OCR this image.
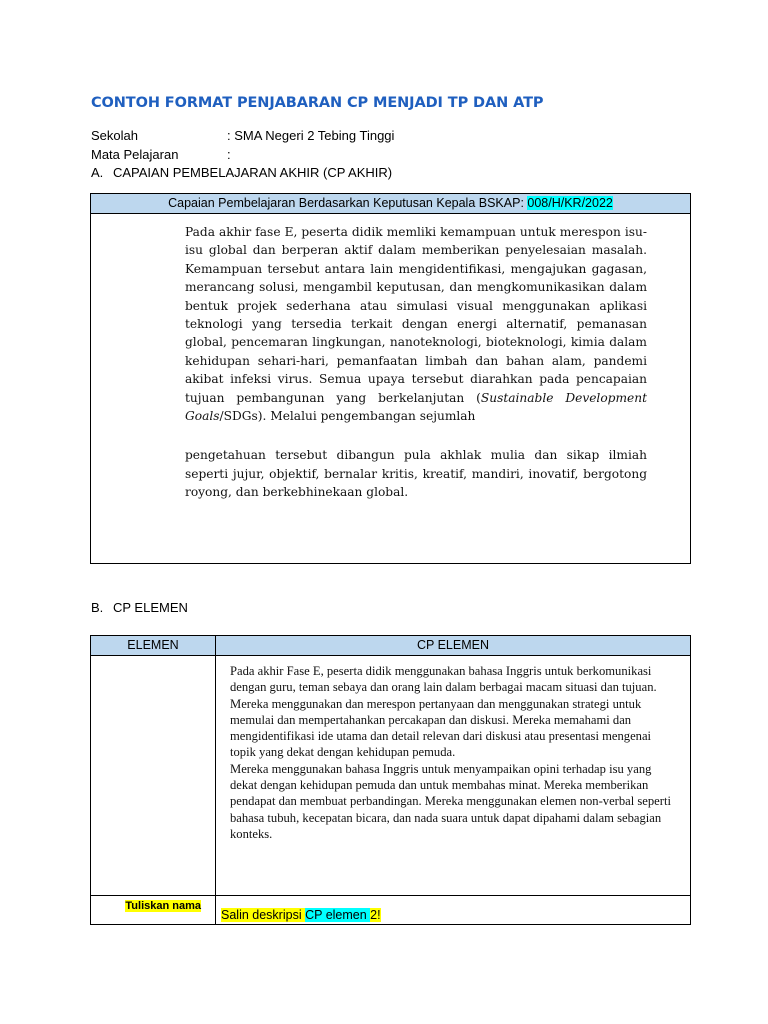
CONTOH FORMAT PENJABARAN CP MENJADI TP DAN ATP
Sekolah	: SMA Negeri 2 Tebing Tinggi
Mata Pelajaran	:
A. CAPAIAN PEMBELAJARAN AKHIR (CP AKHIR)
Capaian Pembelajaran Berdasarkan Keputusan Kepala BSKAP: 008/H/KR/2022

Pada akhir fase E, peserta didik memliki kemampuan untuk merespon isu-isu global dan berperan aktif dalam memberikan penyelesaian masalah. Kemampuan tersebut antara lain mengidentifikasi, mengajukan gagasan, merancang solusi, mengambil keputusan, dan mengkomunikasikan dalam bentuk projek sederhana atau simulasi visual menggunakan aplikasi teknologi yang tersedia terkait dengan energi alternatif, pemanasan global, pencemaran lingkungan, nanoteknologi, bioteknologi, kimia dalam kehidupan sehari-hari, pemanfaatan limbah dan bahan alam, pandemi akibat infeksi virus. Semua upaya tersebut diarahkan pada pencapaian tujuan pembangunan yang berkelanjutan (Sustainable Development Goals/SDGs). Melalui pengembangan sejumlah
pengetahuan tersebut dibangun pula akhlak mulia dan sikap ilmiah seperti jujur, objektif, bernalar kritis, kreatif, mandiri, inovatif, bergotong royong, dan berkebhinekaan global.
B. CP ELEMEN
ELEMEN	CP ELEMEN

	Pada akhir Fase E, peserta didik menggunakan bahasa Inggris untuk berkomunikasi dengan guru, teman sebaya dan orang lain dalam berbagai macam situasi dan tujuan. Mereka menggunakan dan merespon pertanyaan dan menggunakan strategi untuk memulai dan mempertahankan percakapan dan diskusi. Mereka memahami dan mengidentifikasi ide utama dan detail relevan dari diskusi atau presentasi mengenai topik yang dekat dengan kehidupan pemuda.
Mereka menggunakan bahasa Inggris untuk menyampaikan opini terhadap isu yang dekat dengan kehidupan pemuda dan untuk membahas minat. Mereka memberikan pendapat dan membuat perbandingan. Mereka menggunakan elemen non-verbal seperti bahasa tubuh, kecepatan bicara, dan nada suara untuk dapat dipahami dalam sebagian konteks.

Tuliskan nama	Salin deskripsi CP elemen 2!
